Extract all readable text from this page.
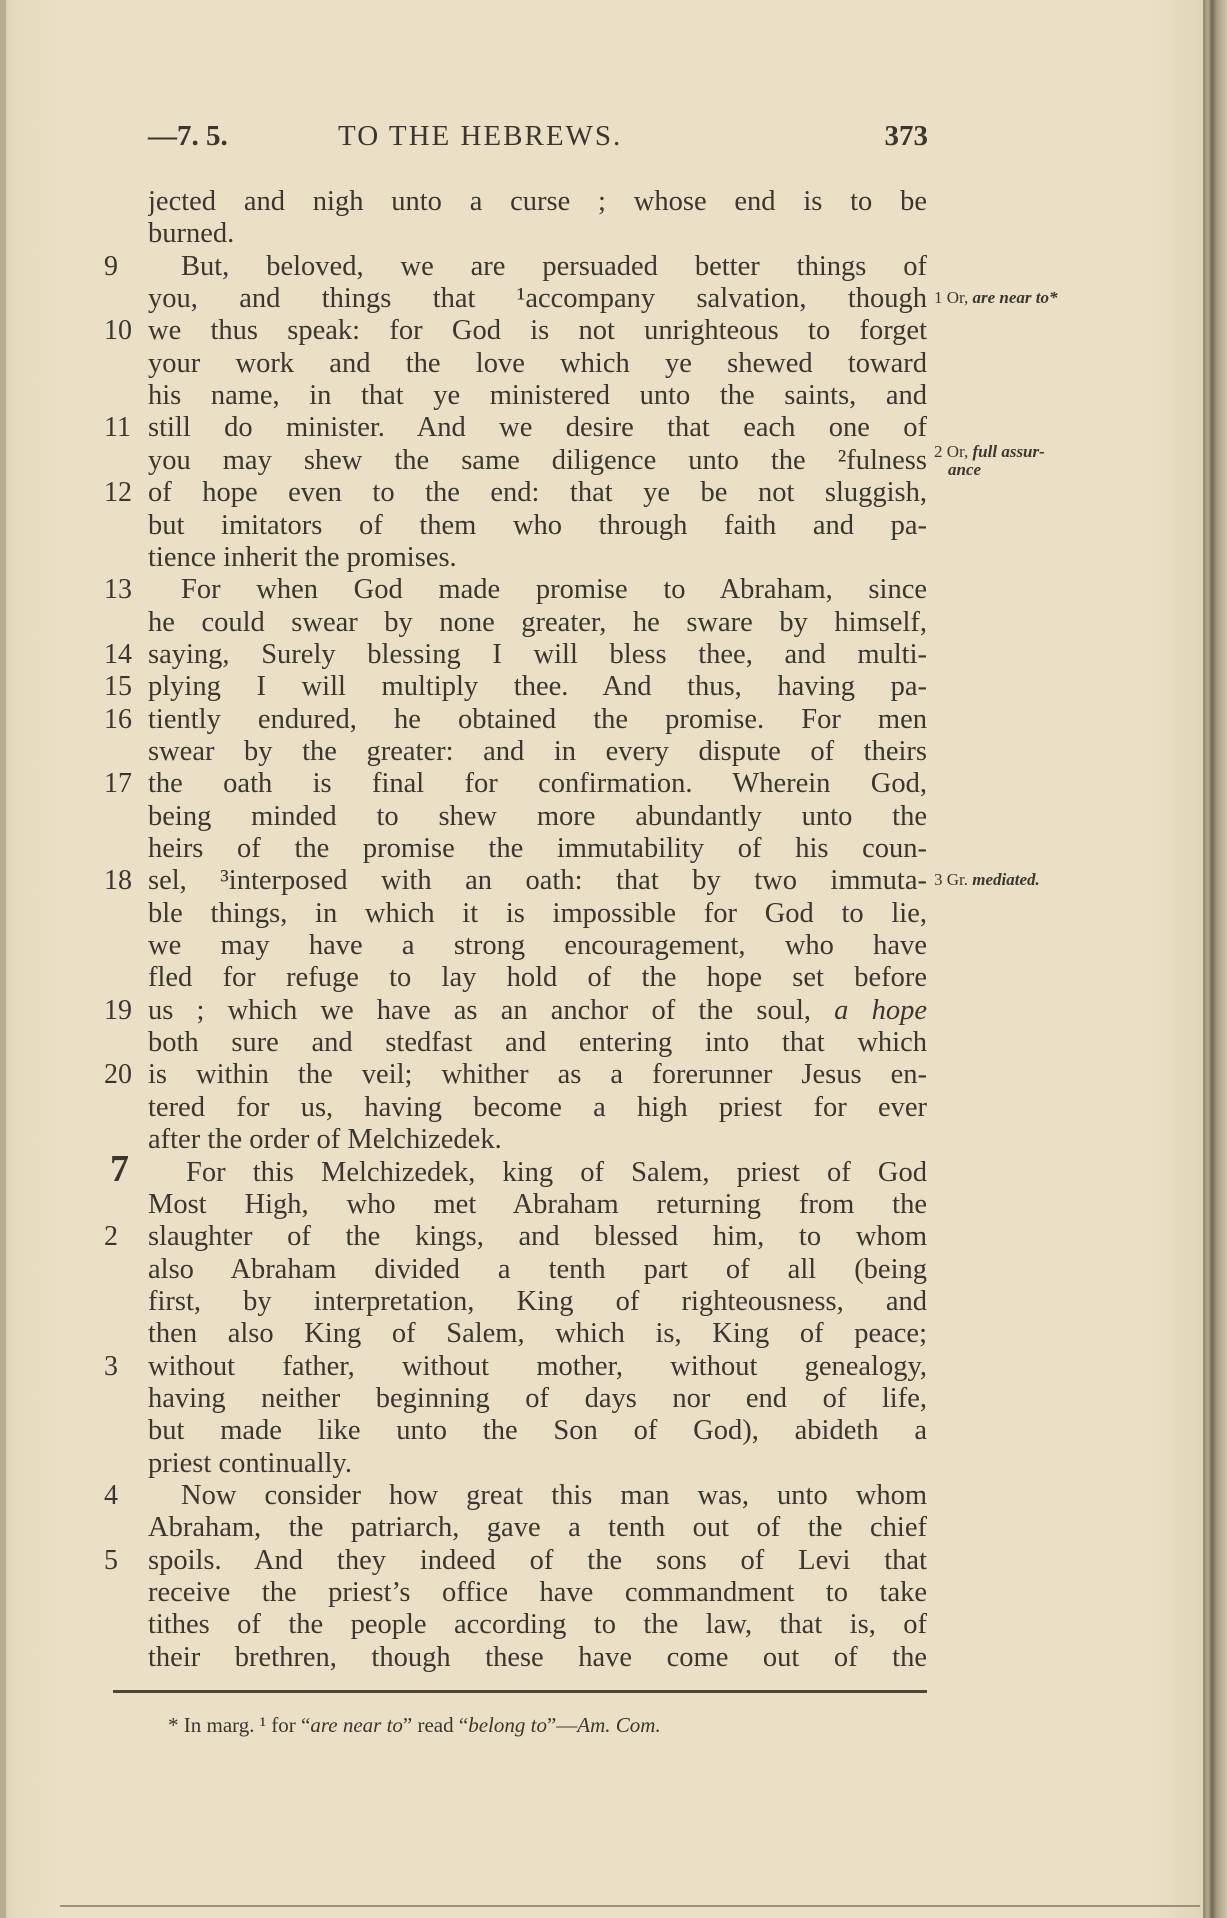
—7. 5.	TO THE HEBREWS.	373
jected and nigh unto a curse ; whose end is to be
burned.
9	But, beloved, we are persuaded better things of
you, and things that ¹accompany salvation, though
10 we thus speak: for God is not unrighteous to forget
your work and the love which ye shewed toward
his name, in that ye ministered unto the saints, and
11 still do minister. And we desire that each one of
you may shew the same diligence unto the ²fulness
12 of hope even to the end: that ye be not sluggish,
but imitators of them who through faith and pa-
tience inherit the promises.
13	For when God made promise to Abraham, since
he could swear by none greater, he sware by himself,
14 saying, Surely blessing I will bless thee, and multi-
15 plying I will multiply thee. And thus, having pa-
16 tiently endured, he obtained the promise. For men
swear by the greater: and in every dispute of theirs
17 the oath is final for confirmation. Wherein God,
being minded to shew more abundantly unto the
heirs of the promise the immutability of his coun-
18 sel, ³interposed with an oath: that by two immuta-
ble things, in which it is impossible for God to lie,
we may have a strong encouragement, who have
fled for refuge to lay hold of the hope set before
19 us ; which we have as an anchor of the soul, a hope
both sure and stedfast and entering into that which
20 is within the veil; whither as a forerunner Jesus en-
tered for us, having become a high priest for ever
after the order of Melchizedek.
7	For this Melchizedek, king of Salem, priest of God
Most High, who met Abraham returning from the
2	slaughter of the kings, and blessed him, to whom
also Abraham divided a tenth part of all (being
first, by interpretation, King of righteousness, and
then also King of Salem, which is, King of peace;
3	without father, without mother, without genealogy,
having neither beginning of days nor end of life,
but made like unto the Son of God), abideth a
priest continually.
4	Now consider how great this man was, unto whom
Abraham, the patriarch, gave a tenth out of the chief
5	spoils. And they indeed of the sons of Levi that
receive the priest’s office have commandment to take
tithes of the people according to the law, that is, of
their brethren, though these have come out of the
1 Or, are near to*
2 Or, full assur-
ance
3 Gr. mediated.
* In marg. ¹ for “are near to” read “belong to”—Am. Com.
